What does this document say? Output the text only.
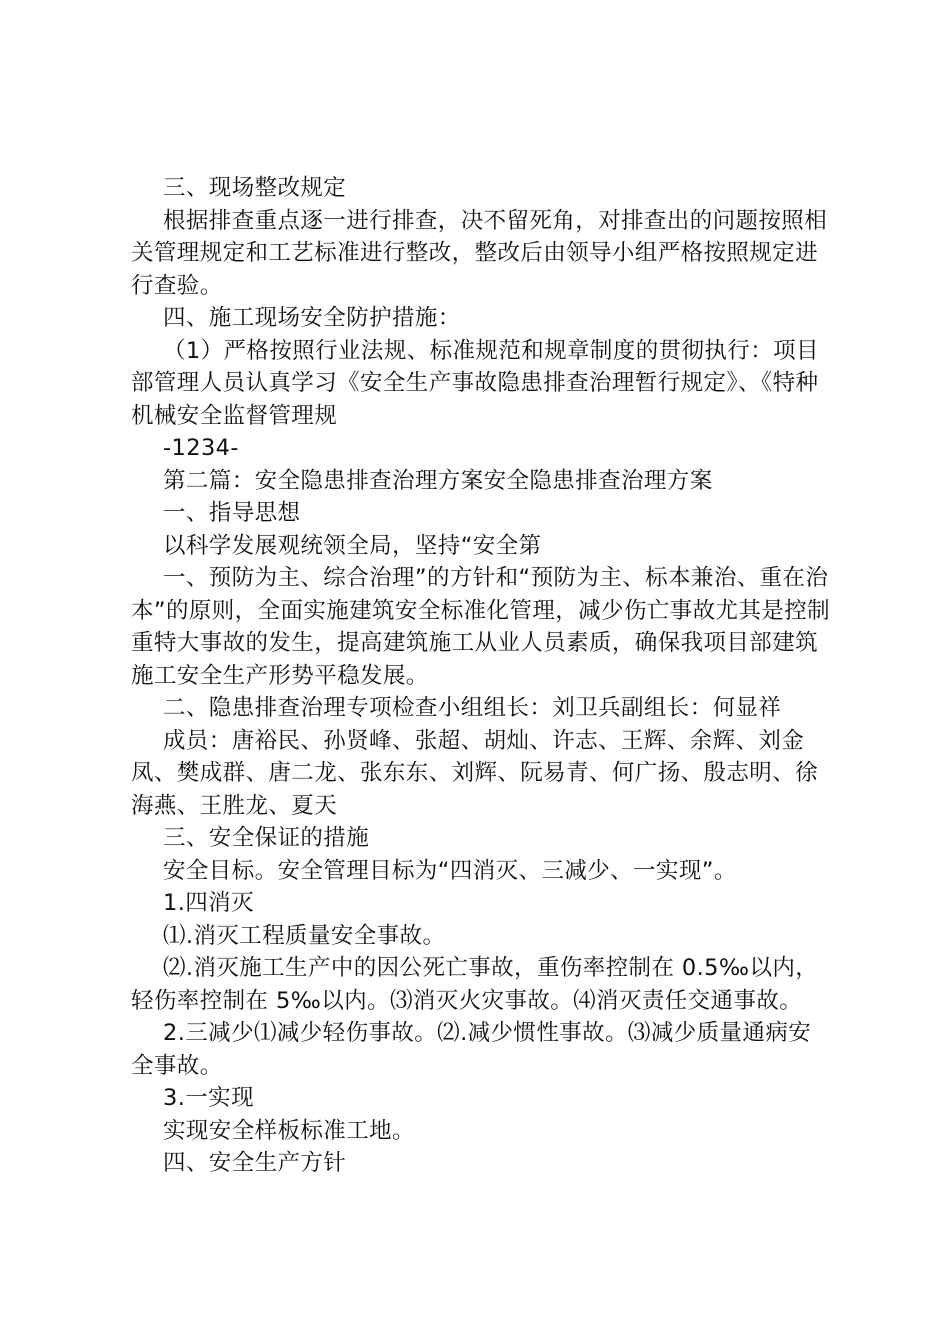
三、现场整改规定

根据排查重点逐一进行排查，决不留死角，对排查出的问题按照相关管理规定和工艺标准进行整改，整改后由领导小组严格按照规定进行查验。

四、施工现场安全防护措施：

（1）严格按照行业法规、标准规范和规章制度的贯彻执行：项目部管理人员认真学习《安全生产事故隐患排查治理暂行规定》、《特种机械安全监督管理规

-1234-

第二篇：安全隐患排查治理方案安全隐患排查治理方案

一、指导思想

以科学发展观统领全局，坚持“安全第

一、预防为主、综合治理”的方针和“预防为主、标本兼治、重在治本”的原则，全面实施建筑安全标准化管理，减少伤亡事故尤其是控制重特大事故的发生，提高建筑施工从业人员素质，确保我项目部建筑施工安全生产形势平稳发展。

二、隐患排查治理专项检查小组组长：刘卫兵副组长：何显祥

成员：唐裕民、孙贤峰、张超、胡灿、许志、王辉、余辉、刘金凤、樊成群、唐二龙、张东东、刘辉、阮易青、何广扬、殷志明、徐海燕、王胜龙、夏天

三、安全保证的措施

安全目标。安全管理目标为“四消灭、三减少、一实现”。

1.四消灭

⑴.消灭工程质量安全事故。

⑵.消灭施工生产中的因公死亡事故，重伤率控制在 0.5‰以内，轻伤率控制在 5‰以内。⑶消灭火灾事故。⑷消灭责任交通事故。

2.三减少⑴减少轻伤事故。⑵.减少惯性事故。⑶减少质量通病安全事故。

3.一实现

实现安全样板标准工地。

四、安全生产方针
